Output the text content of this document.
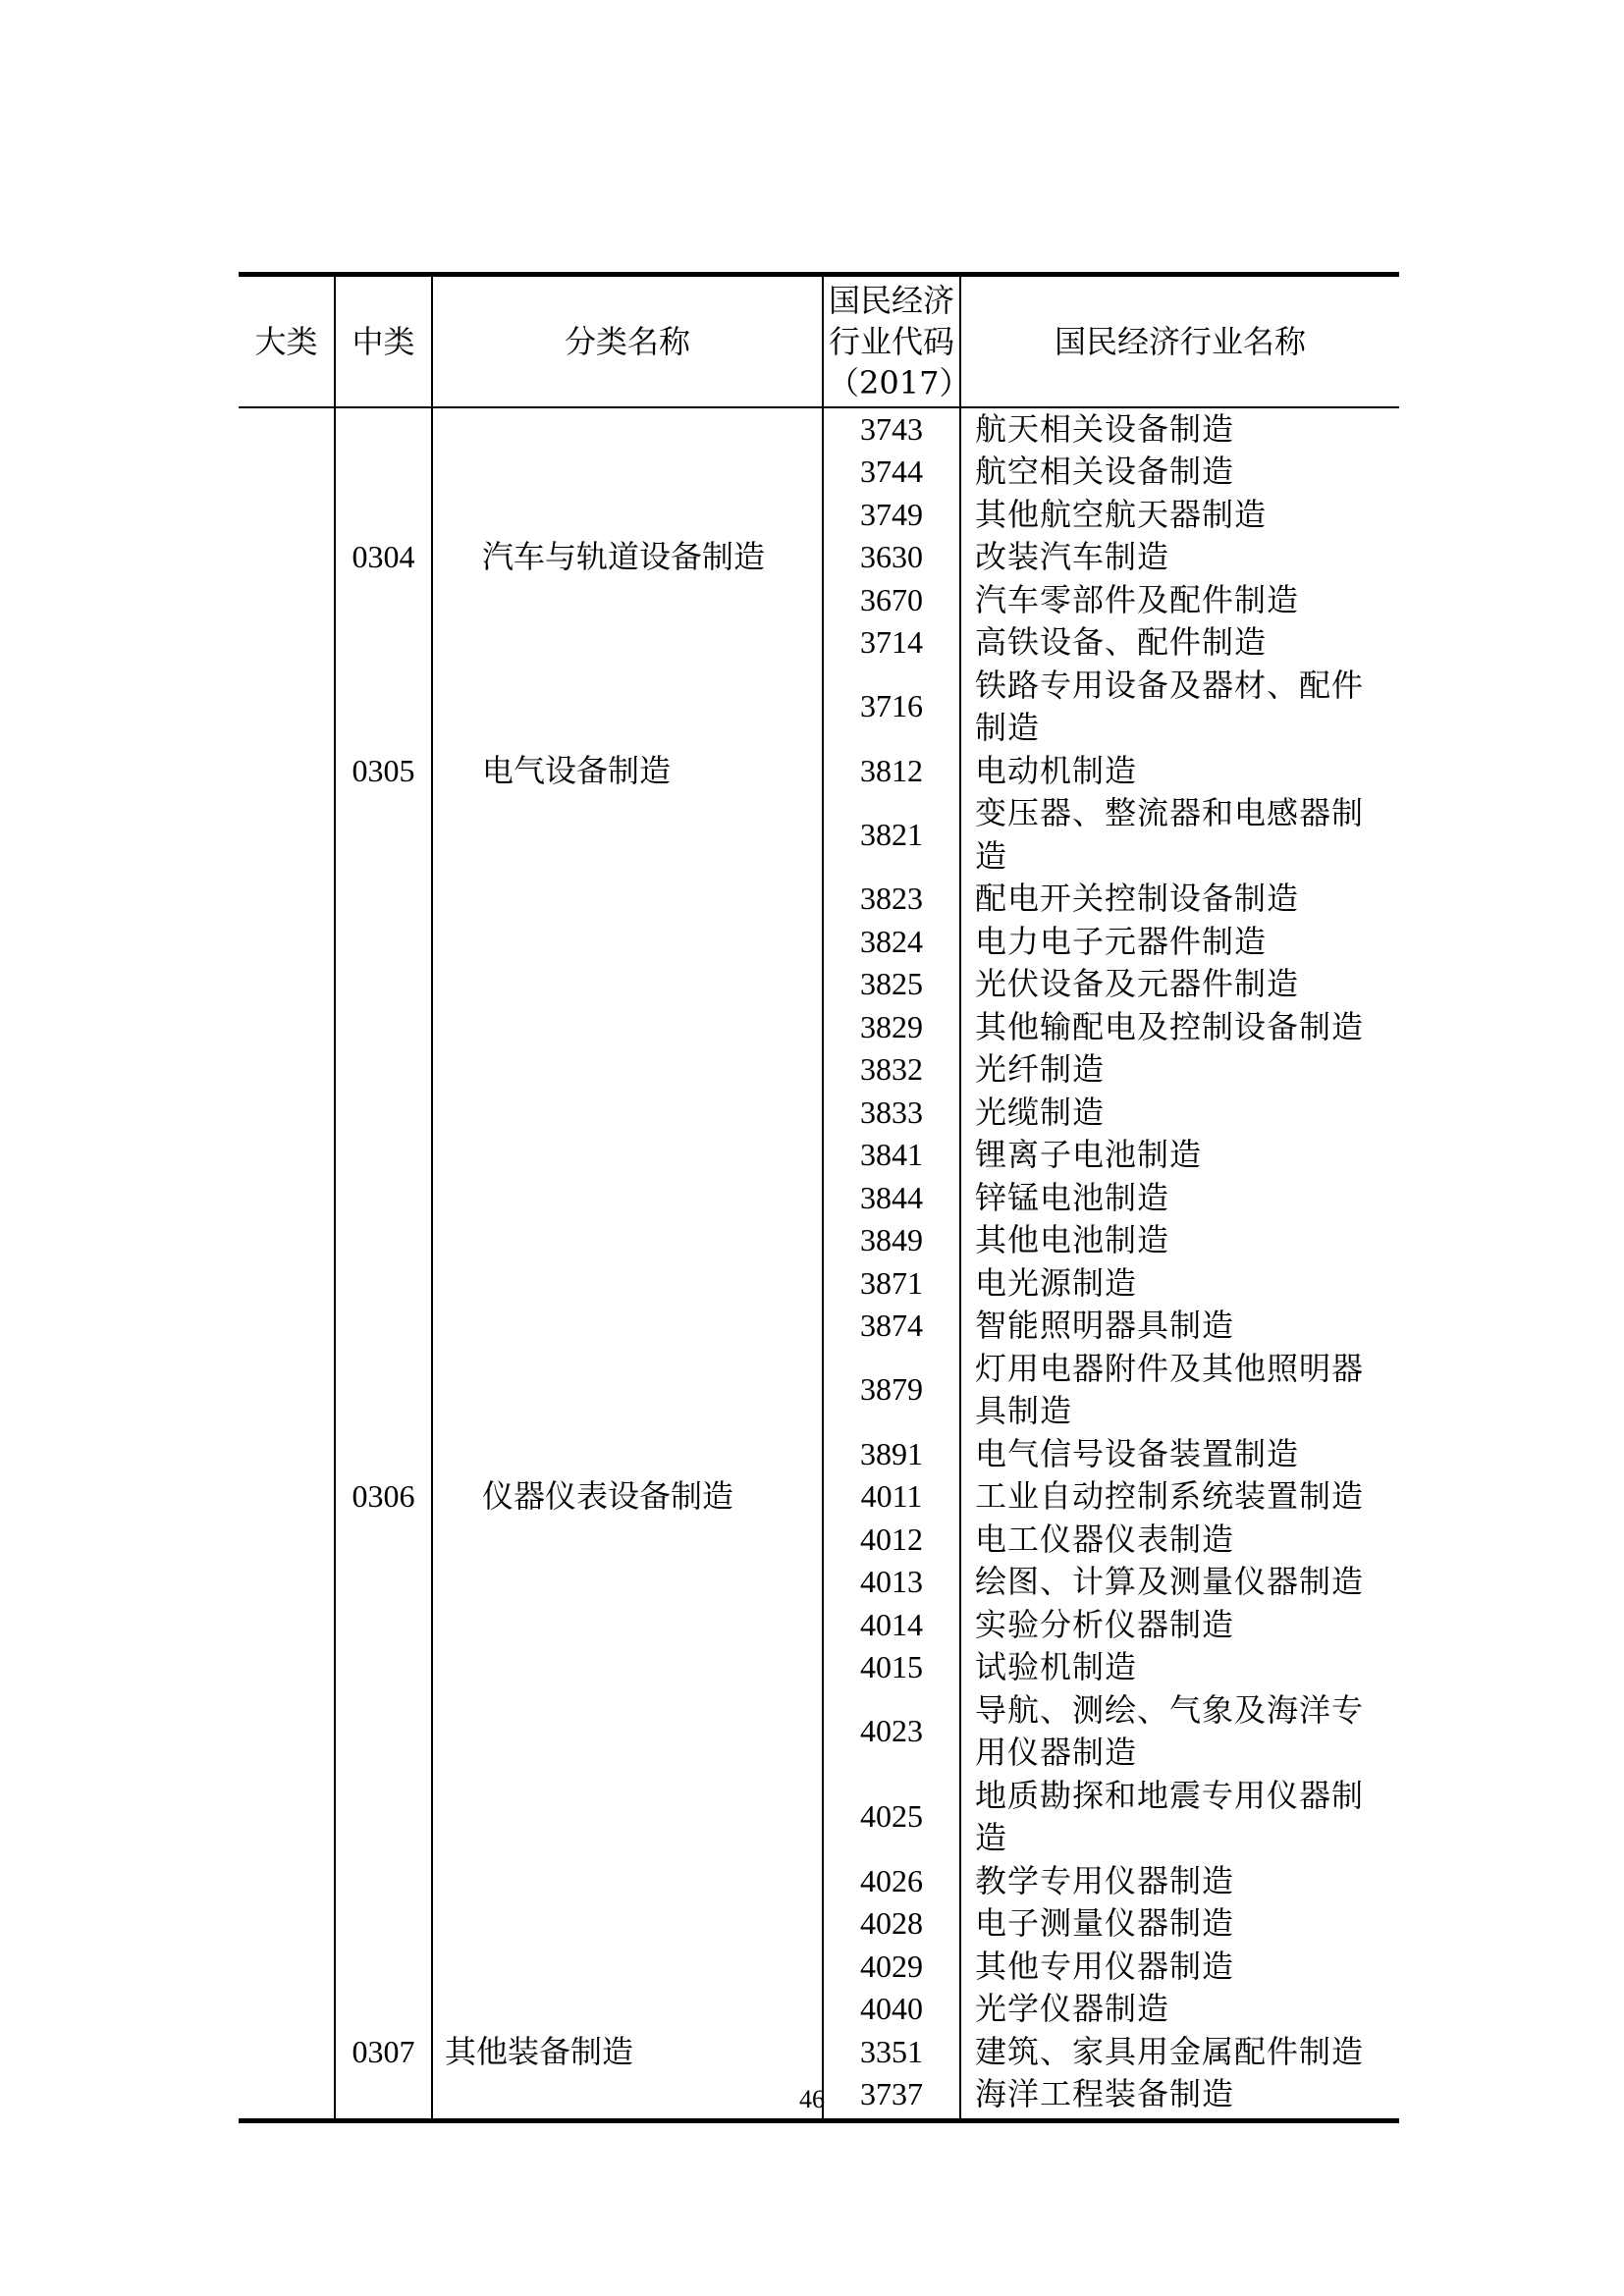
大类	中类	分类名称	国民经济行业代码（2017）	国民经济行业名称
			3743	航天相关设备制造
			3744	航空相关设备制造
			3749	其他航空航天器制造
	0304	汽车与轨道设备制造	3630	改装汽车制造
			3670	汽车零部件及配件制造
			3714	高铁设备、配件制造
			3716	铁路专用设备及器材、配件制造
	0305	电气设备制造	3812	电动机制造
			3821	变压器、整流器和电感器制造
			3823	配电开关控制设备制造
			3824	电力电子元器件制造
			3825	光伏设备及元器件制造
			3829	其他输配电及控制设备制造
			3832	光纤制造
			3833	光缆制造
			3841	锂离子电池制造
			3844	锌锰电池制造
			3849	其他电池制造
			3871	电光源制造
			3874	智能照明器具制造
			3879	灯用电器附件及其他照明器具制造
			3891	电气信号设备装置制造
	0306	仪器仪表设备制造	4011	工业自动控制系统装置制造
			4012	电工仪器仪表制造
			4013	绘图、计算及测量仪器制造
			4014	实验分析仪器制造
			4015	试验机制造
			4023	导航、测绘、气象及海洋专用仪器制造
			4025	地质勘探和地震专用仪器制造
			4026	教学专用仪器制造
			4028	电子测量仪器制造
			4029	其他专用仪器制造
			4040	光学仪器制造
	0307	其他装备制造	3351	建筑、家具用金属配件制造
			3737	海洋工程装备制造
46
